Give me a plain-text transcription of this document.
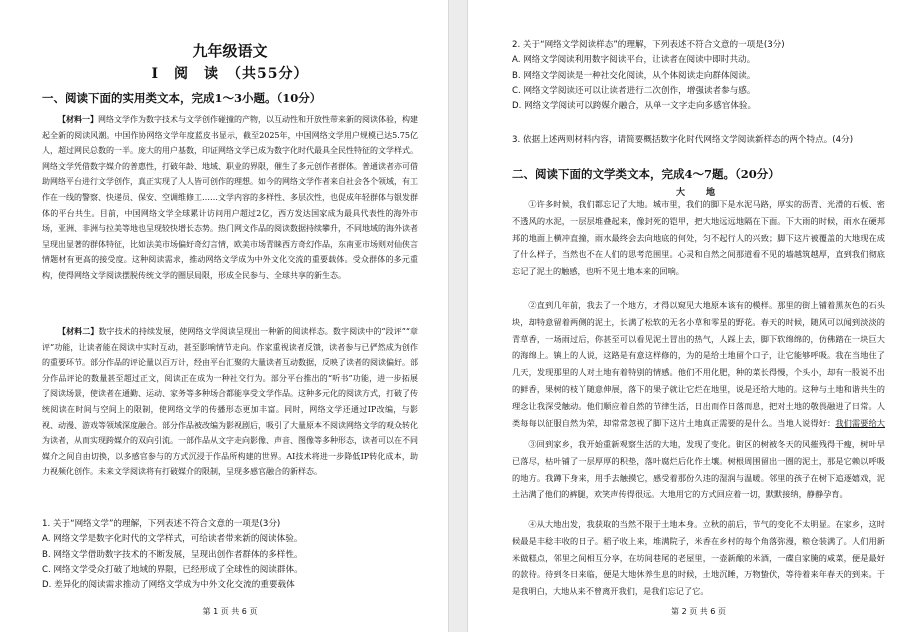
九年级语文
Ⅰ　阅　读　（共55分）
一、阅读下面的实用类文本，完成1～3小题。（10分）
【材料一】网络文学作为数字技术与文学创作碰撞的产物，以互动性和开放性带来新的阅读体验，构建起全新的阅读风潮。中国作协网络文学年度蓝皮书显示，截至2025年，中国网络文学用户规模已达5.75亿人，超过网民总数的一半。庞大的用户基数，印证网络文学已成为数字化时代最具全民性特征的文学样式。网络文学凭借数字媒介的普惠性，打破年龄、地域、职业的界限，催生了多元创作者群体。普通读者亦可借助网络平台进行文学创作，真正实现了人人皆可创作的理想。如今的网络文学作者来自社会各个领域，有工作在一线的警察、快递员、保安、空调维修工……文学内容的多样性、多层次性，也促成年轻群体与银发群体的平台共生。目前，中国网络文学全球累计访问用户超过2亿，西方发达国家成为最具代表性的海外市场，亚洲、非洲与拉美等地也呈现较快增长态势。热门网文作品的阅读数据持续攀升，不同地域的海外读者呈现出显著的群体特征，比如法美市场偏好奇幻言情，欧美市场青睐西方奇幻作品，东南亚市场则对仙侠言情题材有更高的接受度。这种阅读需求，推动网络文学成为中外文化交流的重要载体。受众群体的多元重构，使得网络文学阅读摆脱传统文学的圈层局限，形成全民参与、全球共享的新生态。
【材料二】数字技术的持续发展，使网络文学阅读呈现出一种新的阅读样态。数字阅读中的“段评”“章评”功能，让读者能在阅读中实时互动，甚至影响情节走向。作家重视读者反馈，读者参与已俨然成为创作的重要环节。部分作品的评论量以百万计，经由平台汇聚的大量读者互动数据，反映了读者的阅读偏好。部分作品评论的数量甚至超过正文，阅读正在成为一种社交行为。部分平台推出的“听书”功能，进一步拓展了阅读场景，使读者在通勤、运动、家务等多种场合都能享受文学作品。这种多元化的阅读方式，打破了传统阅读在时间与空间上的限制，使网络文学的传播形态更加丰富。同时，网络文学还通过IP改编，与影视、动漫、游戏等领域深度融合。部分作品被改编为影视剧后，吸引了大量原本不阅读网络文学的观众转化为读者，从而实现跨媒介的双向引流。一部作品从文字走向影像、声音、图像等多种形态，读者可以在不同媒介之间自由切换，以多感官参与的方式沉浸于作品所构建的世界。AI技术将进一步降低IP转化成本，助力视频化创作。未来文学阅读将有打破媒介的限制，呈现多感官融合的新样态。
1. 关于“网络文学”的理解，下列表述不符合文意的一项是(3分)
A. 网络文学是数字化时代的文学样式，可给读者带来新的阅读体验。
B. 网络文学借助数字技术的不断发展，呈现出创作者群体的多样性。
C. 网络文学受众打破了地域的界限，已经形成了全球性的阅读群体。
D. 差异化的阅读需求推动了网络文学成为中外文化交流的重要载体
第 1 页 共 6 页
2. 关于“网络文学阅读样态”的理解，下列表述不符合文意的一项是(3分)
A. 网络文学阅读利用数字阅读平台，让读者在阅读中即时共动。
B. 网络文学阅读是一种社交化阅读，从个体阅读走向群体阅读。
C. 网络文学阅读还可以让读者进行二次创作，增强读者参与感。
D. 网络文学阅读可以跨媒介融合，从单一文字走向多感官体验。
3. 依据上述两则材料内容，请简要概括数字化时代网络文学阅读新样态的两个特点。(4分)
二、阅读下面的文学类文本，完成4～7题。（20分）
大　地
①许多时候，我们都忘记了大地。城市里，我们的脚下是水泥马路，厚实的沥青、光滑的石板、密不透风的水泥，一层层堆叠起来，像封死的铠甲，把大地远远地隔在下面。下大雨的时候，雨水在硬邦邦的地面上横冲直撞，雨水最终会去向地底的何处，匀不起行人的兴致；脚下这片被覆盖的大地现在成了什么样子，当然也不在人们的思考范围里。心灵和自然之间那道看不见的墙越筑越厚，直到我们彻底忘记了泥土的触感，也听不见土地本来的回响。
②直到几年前，我去了一个地方，才得以窥见大地原本该有的模样。那里的街上铺着黑灰色的石头块，却特意留着两侧的泥土，长满了松软的无名小草和零星的野花。春天的时候，随风可以闻到淡淡的青草香，一场雨过后，你甚至可以看见泥土冒出的热气，人踩上去，脚下软绵绵的，仿佛踏在一块巨大的海绵上。镇上的人说，这路是有意这样修的，为的是给土地留个口子，让它能够呼吸。我在当地住了几天，发现那里的人对土地有着特别的情感。他们不用化肥，种的菜长得慢，个头小，却有一股说不出的鲜香，果树的枝丫随意伸展，落下的果子就让它烂在地里，说是还给大地的。这种与土地和谐共生的理念让我深受触动。他们顺应着自然的节律生活，日出而作日落而息，把对土地的敬畏融进了日常。人类每每以征服自然为荣，却常常忽视了脚下这片土地真正需要的是什么。当地人说得好：我们需要给大
③回到家乡，我开始重新观察生活的大地，发现了变化。街区的树被冬天的风摧残得干瘦，树叶早已落尽，枯叶铺了一层厚厚的积垫，落叶腐烂后化作土壤。树根周围留出一圈的泥土，那是它赖以呼吸的地方。我蹲下身来，用手去触摸它，感受着那份久违的湿润与温暖。邻里的孩子在树下追逐嬉戏，泥土沾满了他们的裤腿，欢笑声传得很远。大地用它的方式回应着一切，默默接纳，静静孕育。
④从大地出发，我获取的当然不限于土地本身。立秋的前后，节气的变化不太明显。在家乡，这时候最是丰稔丰收的日子。稻子收上来，堆满院子，米香在乡村的每个角落弥漫，粮仓装满了。人们用新米做糕点，邻里之间相互分享，在坊间巷尾的老屋里，一壶新酿的米酒，一碟自家腌的咸菜，便是最好的款待。待到冬日来临，便是大地休养生息的时候，土地沉睡，万物蛰伏，等待着来年春天的到来。于是我明白，大地从来不曾离开我们，是我们忘记了它。
第 2 页 共 6 页
